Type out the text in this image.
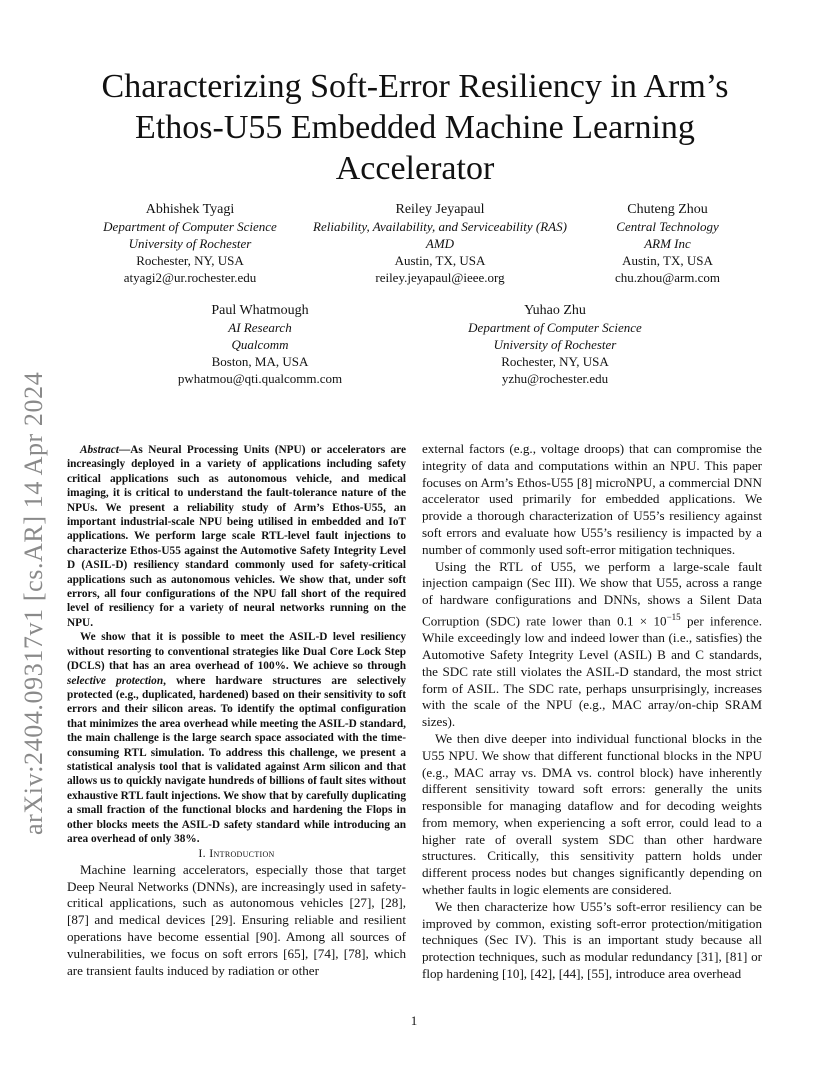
arXiv:2404.09317v1 [cs.AR] 14 Apr 2024
Characterizing Soft-Error Resiliency in Arm’s Ethos-U55 Embedded Machine Learning Accelerator
Abhishek Tyagi
Department of Computer Science
University of Rochester
Rochester, NY, USA
atyagi2@ur.rochester.edu
Reiley Jeyapaul
Reliability, Availability, and Serviceability (RAS)
AMD
Austin, TX, USA
reiley.jeyapaul@ieee.org
Chuteng Zhou
Central Technology
ARM Inc
Austin, TX, USA
chu.zhou@arm.com
Paul Whatmough
AI Research
Qualcomm
Boston, MA, USA
pwhatmou@qti.qualcomm.com
Yuhao Zhu
Department of Computer Science
University of Rochester
Rochester, NY, USA
yzhu@rochester.edu

Abstract—As Neural Processing Units (NPU) or accelerators are increasingly deployed in a variety of applications including safety critical applications such as autonomous vehicle, and medical imaging, it is critical to understand the fault-tolerance nature of the NPUs. We present a reliability study of Arm’s Ethos-U55, an important industrial-scale NPU being utilised in embedded and IoT applications. We perform large scale RTL-level fault injections to characterize Ethos-U55 against the Automotive Safety Integrity Level D (ASIL-D) resiliency standard commonly used for safety-critical applications such as autonomous vehicles. We show that, under soft errors, all four configurations of the NPU fall short of the required level of resiliency for a variety of neural networks running on the NPU.

We show that it is possible to meet the ASIL-D level resiliency without resorting to conventional strategies like Dual Core Lock Step (DCLS) that has an area overhead of 100%. We achieve so through selective protection, where hardware structures are selectively protected (e.g., duplicated, hardened) based on their sensitivity to soft errors and their silicon areas. To identify the optimal configuration that minimizes the area overhead while meeting the ASIL-D standard, the main challenge is the large search space associated with the time-consuming RTL simulation. To address this challenge, we present a statistical analysis tool that is validated against Arm silicon and that allows us to quickly navigate hundreds of billions of fault sites without exhaustive RTL fault injections. We show that by carefully duplicating a small fraction of the functional blocks and hardening the Flops in other blocks meets the ASIL-D safety standard while introducing an area overhead of only 38%.

I. Introduction

Machine learning accelerators, especially those that target Deep Neural Networks (DNNs), are increasingly used in safety-critical applications, such as autonomous vehicles [27], [28], [87] and medical devices [29]. Ensuring reliable and resilient operations have become essential [90]. Among all sources of vulnerabilities, we focus on soft errors [65], [74], [78], which are transient faults induced by radiation or other

external factors (e.g., voltage droops) that can compromise the integrity of data and computations within an NPU. This paper focuses on Arm’s Ethos-U55 [8] microNPU, a commercial DNN accelerator used primarily for embedded applications. We provide a thorough characterization of U55’s resiliency against soft errors and evaluate how U55’s resiliency is impacted by a number of commonly used soft-error mitigation techniques.

Using the RTL of U55, we perform a large-scale fault injection campaign (Sec III). We show that U55, across a range of hardware configurations and DNNs, shows a Silent Data Corruption (SDC) rate lower than $0.1 \times 10^{-15}$ per inference. While exceedingly low and indeed lower than (i.e., satisfies) the Automotive Safety Integrity Level (ASIL) B and C standards, the SDC rate still violates the ASIL-D standard, the most strict form of ASIL. The SDC rate, perhaps unsurprisingly, increases with the scale of the NPU (e.g., MAC array/on-chip SRAM sizes).

We then dive deeper into individual functional blocks in the U55 NPU. We show that different functional blocks in the NPU (e.g., MAC array vs. DMA vs. control block) have inherently different sensitivity toward soft errors: generally the units responsible for managing dataflow and for decoding weights from memory, when experiencing a soft error, could lead to a higher rate of overall system SDC than other hardware structures. Critically, this sensitivity pattern holds under different process nodes but changes significantly depending on whether faults in logic elements are considered.

We then characterize how U55’s soft-error resiliency can be improved by common, existing soft-error protection/mitigation techniques (Sec IV). This is an important study because all protection techniques, such as modular redundancy [31], [81] or flop hardening [10], [42], [44], [55], introduce area overhead

1
